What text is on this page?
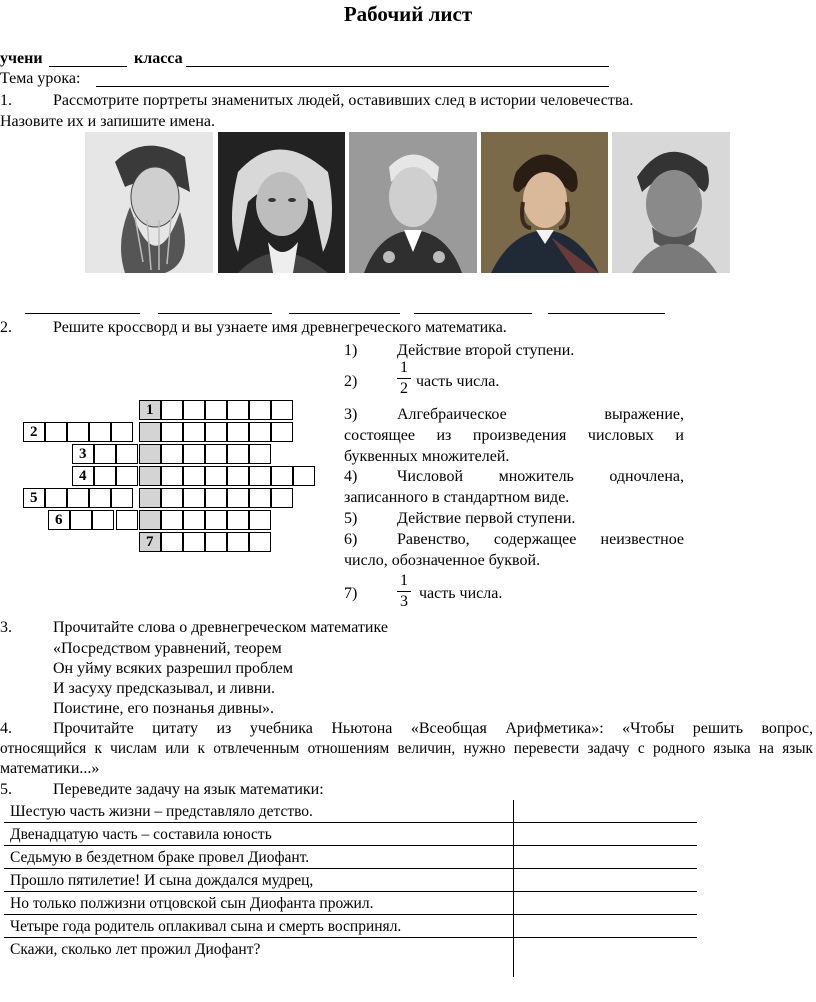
Рабочий лист
учени	класса
Тема урока:
1.	Рассмотрите портреты знаменитых людей, оставивших след в истории человечества.
Назовите их и запишите имена.
2.	Решите кроссворд и вы узнаете имя древнегреческого математика.
1
2
3
4
5
6
7
1) Действие второй ступени.
2)	часть числа.
1
2
3) Алгебраическое	выражение,
состоящее из произведения числовых и
буквенных множителей.
4) Числовой множитель одночлена,
записанного в стандартном виде.
5) Действие первой ступени.
6) Равенство, содержащее неизвестное
число, обозначенное буквой.
7)	часть числа.
1
3
3.	Прочитайте слова о древнегреческом математике
«Посредством уравнений, теорем
Он уйму всяких разрешил проблем
И засуху предсказывал, и ливни.
Поистине, его познанья дивны».
4.	Прочитайте цитату из учебника Ньютона «Всеобщая Арифметика»: «Чтобы решить вопрос,
относящийся к числам или к отвлеченным отношениям величин, нужно перевести задачу с родного языка на язык
математики...»
5.	Переведите задачу на язык математики:
Шестую часть жизни – представляло детство.
Двенадцатую часть – составила юность
Седьмую в бездетном браке провел Диофант.
Прошло пятилетие! И сына дождался мудрец,
Но только полжизни отцовской сын Диофанта прожил.
Четыре года родитель оплакивал сына и смерть воспринял.
Скажи, сколько лет прожил Диофант?
